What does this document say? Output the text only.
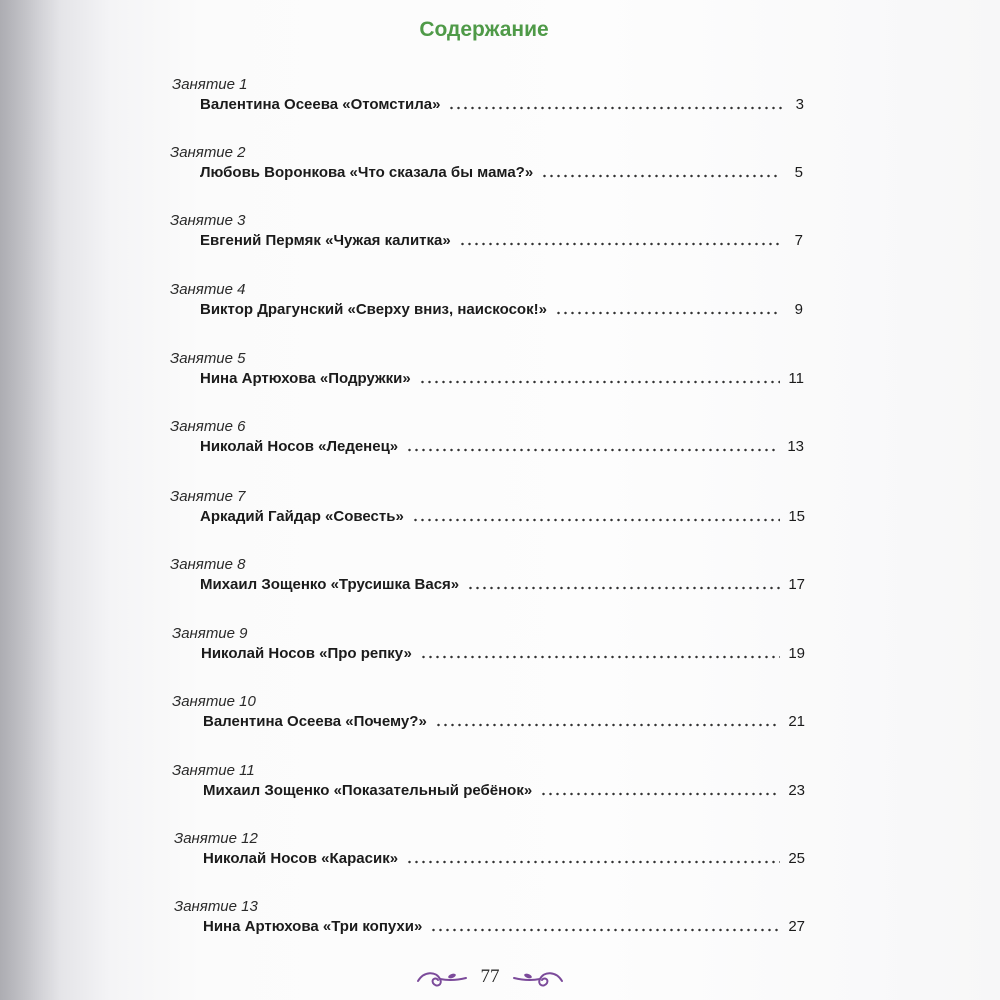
Содержание
Занятие 1
Валентина Осеева «Отомстила»	3
Занятие 2
Любовь Воронкова «Что сказала бы мама?»	5
Занятие 3
Евгений Пермяк «Чужая калитка»	7
Занятие 4
Виктор Драгунский «Сверху вниз, наискосок!»	9
Занятие 5
Нина Артюхова «Подружки»	11
Занятие 6
Николай Носов «Леденец»	13
Занятие 7
Аркадий Гайдар «Совесть»	15
Занятие 8
Михаил Зощенко «Трусишка Вася»	17
Занятие 9
Николай Носов «Про репку»	19
Занятие 10
Валентина Осеева «Почему?»	21
Занятие 11
Михаил Зощенко «Показательный ребёнок»	23
Занятие 12
Николай Носов «Карасик»	25
Занятие 13
Нина Артюхова «Три копухи»	27
77
